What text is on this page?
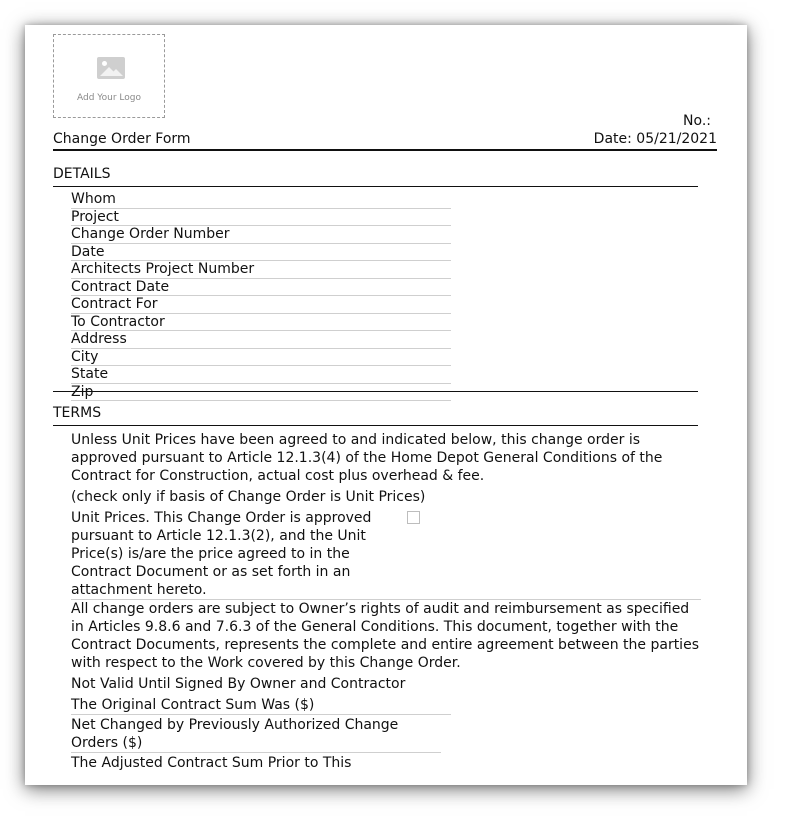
Add Your Logo
No.:
Change Order Form	Date: 05/21/2021
DETAILS
Whom
Project
Change Order Number
Date
Architects Project Number
Contract Date
Contract For
To Contractor
Address
City
State
Zip
TERMS

Unless Unit Prices have been agreed to and indicated below, this change order is approved pursuant to Article 12.1.3(4) of the Home Depot General Conditions of the Contract for Construction, actual cost plus overhead & fee.

(check only if basis of Change Order is Unit Prices)

Unit Prices. This Change Order is approved pursuant to Article 12.1.3(2), and the Unit Price(s) is/are the price agreed to in the Contract Document or as set forth in an attachment hereto.

All change orders are subject to Owner’s rights of audit and reimbursement as specified in Articles 9.8.6 and 7.6.3 of the General Conditions. This document, together with the Contract Documents, represents the complete and entire agreement between the parties with respect to the Work covered by this Change Order.

Not Valid Until Signed By Owner and Contractor

The Original Contract Sum Was ($)
Net Changed by Previously Authorized Change Orders ($)
The Adjusted Contract Sum Prior to This
